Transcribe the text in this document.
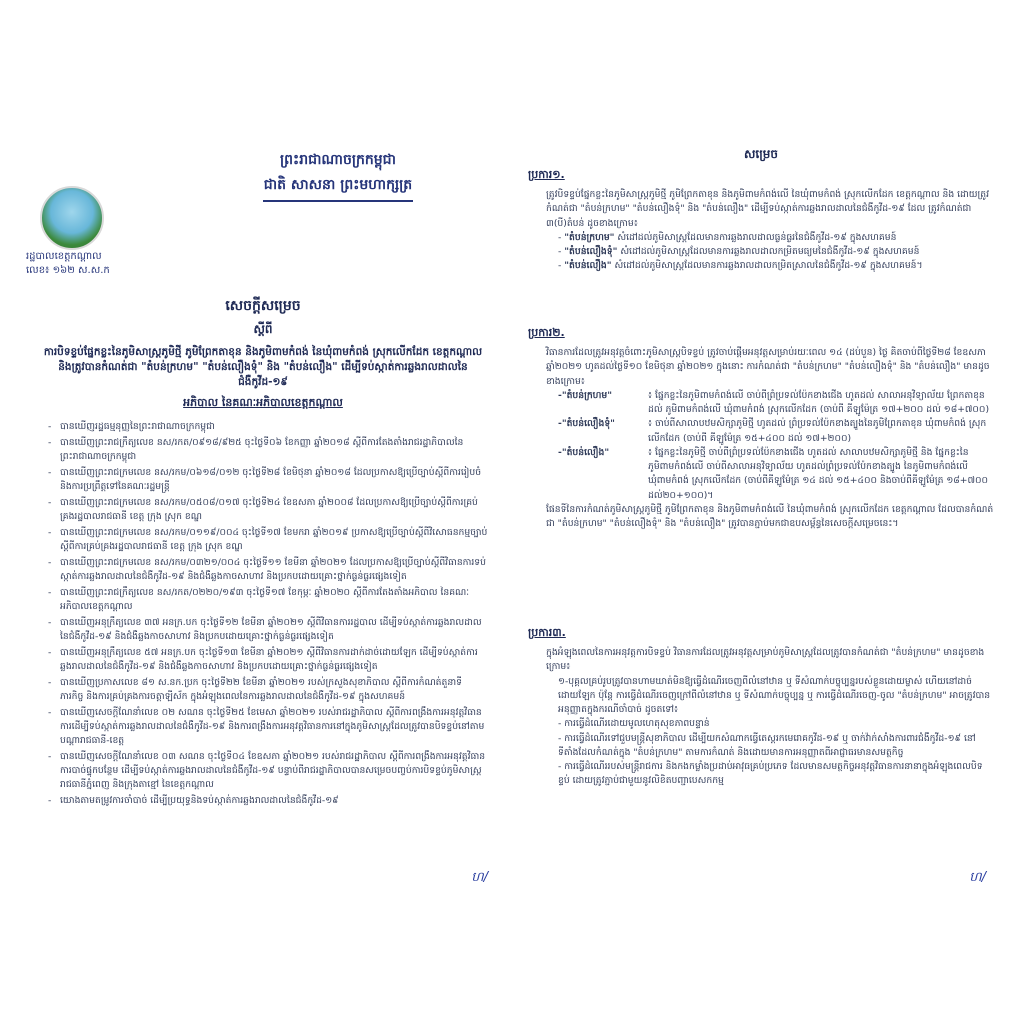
ព្រះរាជាណាចក្រកម្ពុជា
ជាតិ សាសនា ព្រះមហាក្សត្រ
រដ្ឋបាលខេត្តកណ្តាល
លេខ៖ ១៦២ ស.ស.ក
សេចក្តីសម្រេច
ស្តីពី
ការបិទខ្ទប់ផ្នែកខ្លះនៃភូមិសាស្ត្រភូមិថ្មី ភូមិព្រែកតាខុន និងភូមិពាមកំពង់ នៃឃុំពាមកំពង់ ស្រុកលើកដែក ខេត្តកណ្តាល និងត្រូវបានកំណត់ជា "តំបន់ក្រហម" "តំបន់លឿងទុំ" និង "តំបន់លឿង" ដើម្បីទប់ស្កាត់ការឆ្លងរាលដាលនៃជំងឺកូវីដ-១៩
អភិបាល នៃគណៈអភិបាលខេត្តកណ្តាល
- បានឃើញរដ្ឋធម្មនុញ្ញនៃព្រះរាជាណាចក្រកម្ពុជា
- បានឃើញព្រះរាជក្រឹត្យលេខ នស/រកត/០៩១៨/៩២៥ ចុះថ្ងៃទី០៦ ខែកញ្ញា ឆ្នាំ២០១៨ ស្តីពីការតែងតាំងរាជរដ្ឋាភិបាលនៃព្រះរាជាណាចក្រកម្ពុជា
- បានឃើញព្រះរាជក្រមលេខ នស/រកម/០៦១៨/០១២ ចុះថ្ងៃទី២៨ ខែមិថុនា ឆ្នាំ២០១៨ ដែលប្រកាសឱ្យប្រើច្បាប់ស្តីពីការរៀបចំ និងការប្រព្រឹត្តទៅនៃគណៈរដ្ឋមន្ត្រី
- បានឃើញព្រះរាជក្រមលេខ នស/រកម/០៥០៨/០១៧ ចុះថ្ងៃទី២៤ ខែឧសភា ឆ្នាំ២០០៨ ដែលប្រកាសឱ្យប្រើច្បាប់ស្តីពីការគ្រប់គ្រងរដ្ឋបាលរាជធានី ខេត្ត ក្រុង ស្រុក ខណ្ឌ
- បានឃើញព្រះរាជក្រមលេខ នស/រកម/០១១៩/០០៤ ចុះថ្ងៃទី១៧ ខែមករា ឆ្នាំ២០១៩ ប្រកាសឱ្យប្រើច្បាប់ស្តីពីវិសោធនកម្មច្បាប់ ស្តីពីការគ្រប់គ្រងរដ្ឋបាលរាជធានី ខេត្ត ក្រុង ស្រុក ខណ្ឌ
- បានឃើញព្រះរាជក្រមលេខ នស/រកម/០៣២១/០០៤ ចុះថ្ងៃទី១១ ខែមីនា ឆ្នាំ២០២១ ដែលប្រកាសឱ្យប្រើច្បាប់ស្តីពីវិធានការទប់ស្កាត់ការឆ្លងរាលដាលនៃជំងឺកូវីដ-១៩ និងជំងឺឆ្លងកាចសាហាវ និងប្រកបដោយគ្រោះថ្នាក់ធ្ងន់ធ្ងរផ្សេងទៀត
- បានឃើញព្រះរាជក្រឹត្យលេខ នស/រកត/០២២០/១៩៣ ចុះថ្ងៃទី១៧ ខែកុម្ភៈ ឆ្នាំ២០២០ ស្តីពីការតែងតាំងអភិបាល នៃគណៈអភិបាលខេត្តកណ្តាល
- បានឃើញអនុក្រឹត្យលេខ ៣៧ អនក្រ.បក ចុះថ្ងៃទី១២ ខែមីនា ឆ្នាំ២០២១ ស្តីពីវិធានការរដ្ឋបាល ដើម្បីទប់ស្កាត់ការឆ្លងរាលដាលនៃជំងឺកូវីដ-១៩ និងជំងឺឆ្លងកាចសាហាវ និងប្រកបដោយគ្រោះថ្នាក់ធ្ងន់ធ្ងរផ្សេងទៀត
- បានឃើញអនុក្រឹត្យលេខ ៥៧ អនក្រ.បក ចុះថ្ងៃទី១៣ ខែមីនា ឆ្នាំ២០២១ ស្តីពីវិធានការដាក់ដាច់ដោយឡែក ដើម្បីទប់ស្កាត់ការឆ្លងរាលដាលនៃជំងឺកូវីដ-១៩ និងជំងឺឆ្លងកាចសាហាវ និងប្រកបដោយគ្រោះថ្នាក់ធ្ងន់ធ្ងរផ្សេងទៀត
- បានឃើញប្រកាសលេខ ៨១ ស.នក.ប្រក ចុះថ្ងៃទី២២ ខែមីនា ឆ្នាំ២០២១ របស់ក្រសួងសុខាភិបាល ស្តីពីការកំណត់តួនាទី ភារកិច្ច និងការគ្រប់គ្រងការចត្តាឡីស័ក ក្នុងអំឡុងពេលនៃការឆ្លងរាលដាលនៃជំងឺកូវីដ-១៩ ក្នុងសហគមន៍
- បានឃើញសេចក្តីណែនាំលេខ ០២ សណន ចុះថ្ងៃទី២៥ ខែមេសា ឆ្នាំ២០២១ របស់រាជរដ្ឋាភិបាល ស្តីពីការពង្រឹងការអនុវត្តវិធានការដើម្បីទប់ស្កាត់ការឆ្លងរាលដាលនៃជំងឺកូវីដ-១៩ និងការពង្រឹងការអនុវត្តវិធានការនៅក្នុងភូមិសាស្ត្រដែលត្រូវបានបិទខ្ទប់នៅតាមបណ្តារាជធានី-ខេត្ត
- បានឃើញសេចក្តីណែនាំលេខ ០៣ សណន ចុះថ្ងៃទី០៤ ខែឧសភា ឆ្នាំ២០២១ របស់រាជរដ្ឋាភិបាល ស្តីពីការពង្រឹងការអនុវត្តវិធានការបាច់ផ្ទុកបន្ថែម ដើម្បីទប់ស្កាត់ការឆ្លងរាលដាលនៃជំងឺកូវីដ-១៩ បន្ទាប់ពីរាជរដ្ឋាភិបាលបានសម្រេចបញ្ចប់ការបិទខ្ទប់ភូមិសាស្ត្ររាជធានីភ្នំពេញ និងក្រុងតាខ្មៅ នៃខេត្តកណ្តាល
- យោងតាមតម្រូវការចាំបាច់ ដើម្បីប្រយុទ្ធនិងទប់ស្កាត់ការឆ្លងរាលដាលនៃជំងឺកូវីដ-១៩
ហ/
សម្រេច
ប្រការ១.
ត្រូវបិទខ្ទប់ផ្នែកខ្លះនៃភូមិសាស្ត្រភូមិថ្មី ភូមិព្រែកតាខុន និងភូមិពាមកំពង់លើ នៃឃុំពាមកំពង់ ស្រុកលើកដែក ខេត្តកណ្តាល និង ដោយត្រូវកំណត់ជា "តំបន់ក្រហម" "តំបន់លឿងទុំ" និង "តំបន់លឿង" ដើម្បីទប់ស្កាត់ការឆ្លងរាលដាលនៃជំងឺកូវីដ-១៩ ដែល ត្រូវកំណត់ជា ៣(បី)តំបន់ ដូចខាងក្រោម៖
- "តំបន់ក្រហម" សំដៅដល់ភូមិសាស្ត្រដែលមានការឆ្លងរាលដាលធ្ងន់ធ្ងរនៃជំងឺកូវីដ-១៩ ក្នុងសហគមន៍
- "តំបន់លឿងទុំ" សំដៅដល់ភូមិសាស្ត្រដែលមានការឆ្លងរាលដាលកម្រិតមធ្យមនៃជំងឺកូវីដ-១៩ ក្នុងសហគមន៍
- "តំបន់លឿង" សំដៅដល់ភូមិសាស្ត្រដែលមានការឆ្លងរាលដាលកម្រិតស្រាលនៃជំងឺកូវីដ-១៩ ក្នុងសហគមន៍។
ប្រការ២.
វិធានការដែលត្រូវអនុវត្តចំពោះភូមិសាស្ត្របិទខ្ទប់ ត្រូវចាប់ផ្តើមអនុវត្តសម្រាប់រយៈពេល ១៤ (ដប់បួន) ថ្ងៃ គិតចាប់ពីថ្ងៃទី២៨ ខែឧសភា ឆ្នាំ២០២១ ហូតដល់ថ្ងៃទី១០ ខែមិថុនា ឆ្នាំ២០២១ ក្នុងនោះ ការកំណត់ជា "តំបន់ក្រហម" "តំបន់លឿងទុំ" និង "តំបន់លឿង" មានដូចខាងក្រោម៖
-"តំបន់ក្រហម"	៖ ផ្នែកខ្លះនៃភូមិពាមកំពង់លើ ចាប់ពីព្រំប្រទល់ប៉ែកខាងជើង ហូតដល់ សាលាអនុវិទ្យាល័យ ព្រែកតាខុន ដល់ ភូមិពាមកំពង់លើ ឃុំពាមកំពង់ ស្រុកលើកដែក (ចាប់ពី គីឡូម៉ែត្រ ១៧+២០០ ដល់ ១៨+៧០០)
-"តំបន់លឿងទុំ"	៖ ចាប់ពីសាលាបឋមសិក្សាភូមិថ្មី ហូតដល់ ព្រំប្រទល់ប៉ែកខាងត្បូងនៃភូមិព្រែកតាខុន ឃុំពាមកំពង់ ស្រុកលើកដែក (ចាប់ពី គីឡូម៉ែត្រ ១៥+៤០០ ដល់ ១៧+២០០)
-"តំបន់លឿង"	៖ ផ្នែកខ្លះនៃភូមិថ្មី ចាប់ពីព្រំប្រទល់ប៉ែកខាងជើង ហូតដល់ សាលាបឋមសិក្សាភូមិថ្មី និង ផ្នែកខ្លះនៃភូមិពាមកំពង់លើ ចាប់ពីសាលាអនុវិទ្យាល័យ ហូតដល់ព្រំប្រទល់ប៉ែកខាងត្បូង នៃភូមិពាមកំពង់លើ ឃុំពាមកំពង់ ស្រុកលើកដែក (ចាប់ពីគីឡូម៉ែត្រ ១៤ ដល់ ១៥+៤០០ និងចាប់ពីគីឡូម៉ែត្រ ១៨+៧០០ ដល់២០+១០០)។
ផែនទីនៃការកំណត់ភូមិសាស្ត្រភូមិថ្មី ភូមិព្រែកតាខុន និងភូមិពាមកំពង់លើ នៃឃុំពាមកំពង់ ស្រុកលើកដែក ខេត្តកណ្តាល ដែលបានកំណត់ ជា "តំបន់ក្រហម" "តំបន់លឿងទុំ" និង "តំបន់លឿង" ត្រូវបានភ្ជាប់មកជាឧបសម្ព័ន្ធនៃសេចក្តីសម្រេចនេះ។
ប្រការ៣.
ក្នុងអំឡុងពេលនៃការអនុវត្តការបិទខ្ទប់ វិធានការដែលត្រូវអនុវត្តសម្រាប់ភូមិសាស្ត្រដែលត្រូវបានកំណត់ជា "តំបន់ក្រហម" មានដូចខាងក្រោម៖
១-បុគ្គលគ្រប់រូបត្រូវបានហាមឃាត់មិនឱ្យធ្វើដំណើរចេញពីលំនៅឋាន ឬ ទីសំណាក់បច្ចុប្បន្នរបស់ខ្លួនដោយម្ចាស់ ហើយនៅដាច់ដោយឡែក ប៉ុន្តែ ការធ្វើដំណើរចេញក្រៅពីលំនៅឋាន ឬ ទីសំណាក់បច្ចុប្បន្ន ឬ ការធ្វើដំណើរចេញ-ចូល "តំបន់ក្រហម" អាចត្រូវបានអនុញ្ញាតក្នុងករណីចាំបាច់ ដូចតទៅ៖
- ការធ្វើដំណើរដោយមូលហេតុសុខភាពបន្ទាន់
- ការធ្វើដំណើរទៅជួបមន្ត្រីសុខាភិបាល ដើម្បីយកសំណាកធ្វើតេស្តរកមេរោគកូវីដ-១៩ ឬ ចាក់វ៉ាក់សាំងការពារជំងឺកូវីដ-១៩ នៅទីតាំងដែលកំណត់ក្នុង "តំបន់ក្រហម" តាមការកំណត់ និងដោយមានការអនុញ្ញាតពីអាជ្ញាធរមានសមត្ថកិច្ច
- ការធ្វើដំណើររបស់មន្ត្រីរាជការ និងកងកម្លាំងប្រដាប់អាវុធគ្រប់ប្រភេទ ដែលមានសមត្ថកិច្ចអនុវត្តវិធានការនានាក្នុងអំឡុងពេលបិទខ្ទប់ ដោយត្រូវភ្ជាប់ជាមួយនូវលិខិតបញ្ជាបេសកកម្ម
ហ/
